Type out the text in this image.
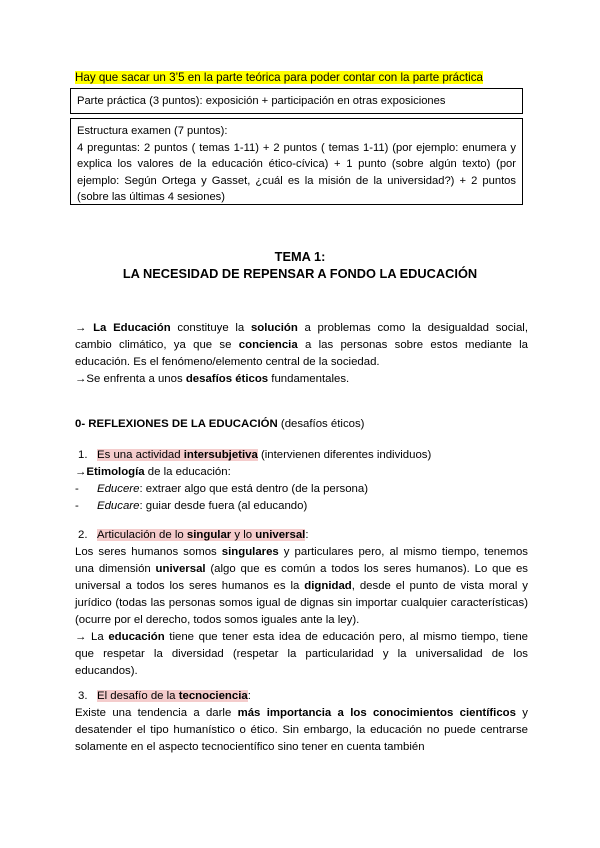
Hay que sacar un 3’5 en la parte teórica para poder contar con la parte práctica
Parte práctica (3 puntos): exposición + participación en otras exposiciones
Estructura examen (7 puntos):
4 preguntas: 2 puntos ( temas 1-11) + 2 puntos ( temas 1-11) (por ejemplo: enumera y explica los valores de la educación ético-cívica) + 1 punto (sobre algún texto) (por ejemplo: Según Ortega y Gasset, ¿cuál es la misión de la universidad?) + 2 puntos (sobre las últimas 4 sesiones)
TEMA 1:
LA NECESIDAD DE REPENSAR A FONDO LA EDUCACIÓN

→ La Educación constituye la solución a problemas como la desigualdad social, cambio climático, ya que se conciencia a las personas sobre estos mediante la educación. Es el fenómeno/elemento central de la sociedad.

→Se enfrenta a unos desafíos éticos fundamentales.

0- REFLEXIONES DE LA EDUCACIÓN (desafíos éticos)
1. Es una actividad intersubjetiva (intervienen diferentes individuos)
→Etimología de la educación:
- Educere: extraer algo que está dentro (de la persona)
- Educare: guiar desde fuera (al educando)
2. Articulación de lo singular y lo universal:

Los seres humanos somos singulares y particulares pero, al mismo tiempo, tenemos una dimensión universal (algo que es común a todos los seres humanos). Lo que es universal a todos los seres humanos es la dignidad, desde el punto de vista moral y jurídico (todas las personas somos igual de dignas sin importar cualquier características) (ocurre por el derecho, todos somos iguales ante la ley).

→ La educación tiene que tener esta idea de educación pero, al mismo tiempo, tiene que respetar la diversidad (respetar la particularidad y la universalidad de los educandos).

3. El desafío de la tecnociencia:

Existe una tendencia a darle más importancia a los conocimientos científicos y desatender el tipo humanístico o ético. Sin embargo, la educación no puede centrarse solamente en el aspecto tecnocientífico sino tener en cuenta también
